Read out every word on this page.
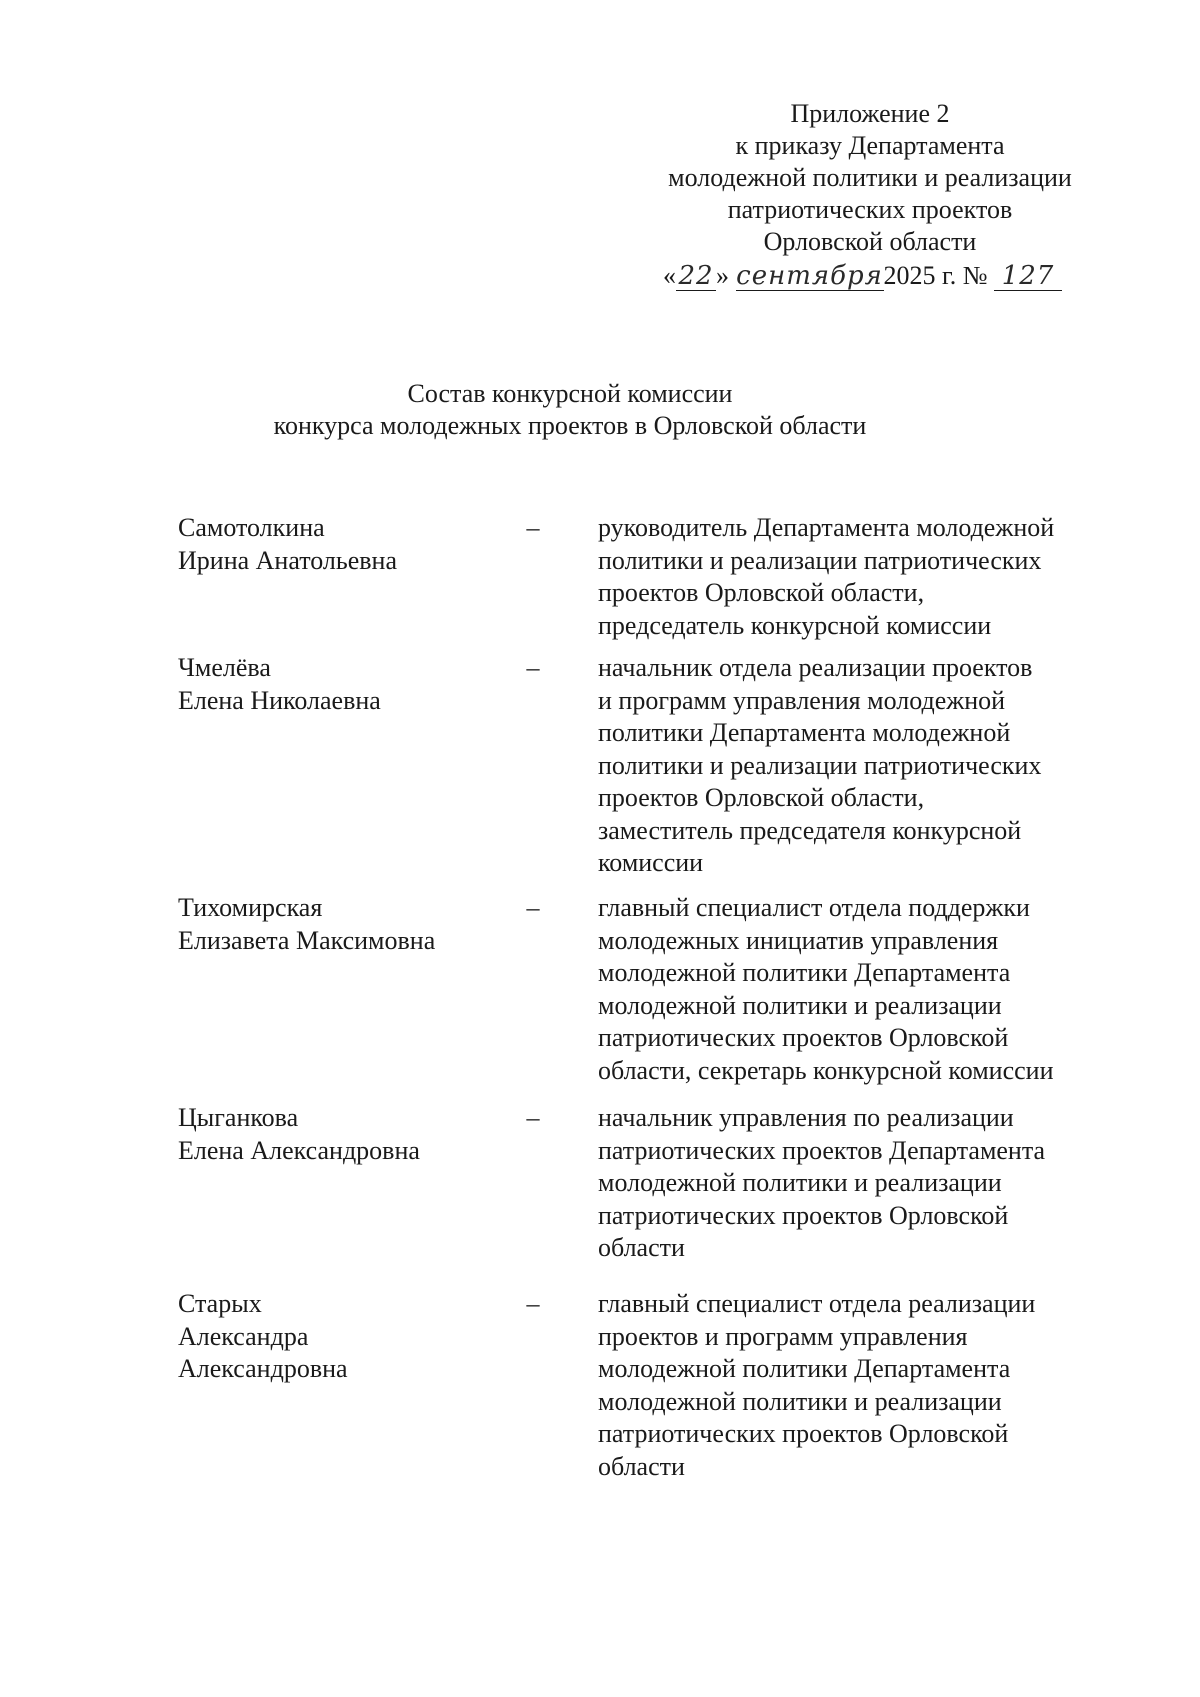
Приложение 2
к приказу Департамента
молодежной политики и реализации
патриотических проектов
Орловской области
«22» сентября2025 г. № 127
Состав конкурсной комиссии
конкурса молодежных проектов в Орловской области
Самотолкина
Ирина Анатольевна
–	руководитель Департамента молодежной
политики и реализации патриотических
проектов Орловской области,
председатель конкурсной комиссии
Чмелёва
Елена Николаевна
–	начальник отдела реализации проектов
и программ управления молодежной
политики Департамента молодежной
политики и реализации патриотических
проектов Орловской области,
заместитель председателя конкурсной
комиссии
Тихомирская
Елизавета Максимовна
–	главный специалист отдела поддержки
молодежных инициатив управления
молодежной политики Департамента
молодежной политики и реализации
патриотических проектов Орловской
области, секретарь конкурсной комиссии
Цыганкова
Елена Александровна
–	начальник управления по реализации
патриотических проектов Департамента
молодежной политики и реализации
патриотических проектов Орловской
области
Старых
Александра
Александровна
–	главный специалист отдела реализации
проектов и программ управления
молодежной политики Департамента
молодежной политики и реализации
патриотических проектов Орловской
области
